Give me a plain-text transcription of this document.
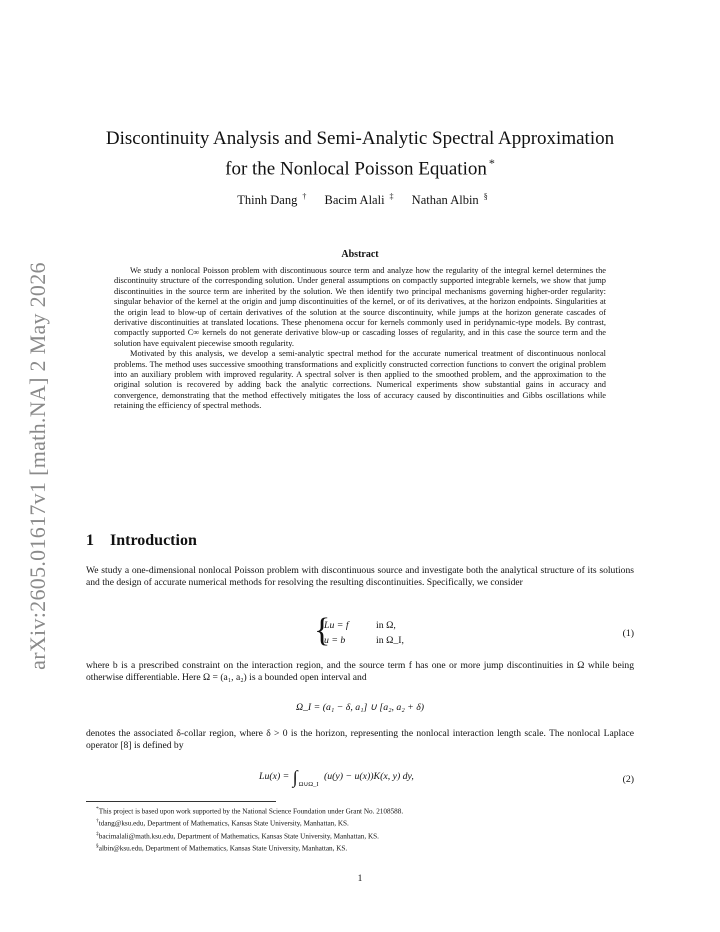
arXiv:2605.01617v1 [math.NA] 2 May 2026
Discontinuity Analysis and Semi-Analytic Spectral Approximation
for the Nonlocal Poisson Equation *
Thinh Dang † Bacim Alali ‡ Nathan Albin §
Abstract

We study a nonlocal Poisson problem with discontinuous source term and analyze how the regularity of the integral kernel determines the discontinuity structure of the corresponding solution. Under general assumptions on compactly supported integrable kernels, we show that jump discontinuities in the source term are inherited by the solution. We then identify two principal mechanisms governing higher-order regularity: singular behavior of the kernel at the origin and jump discontinuities of the kernel, or of its derivatives, at the horizon endpoints. Singularities at the origin lead to blow-up of certain derivatives of the solution at the source discontinuity, while jumps at the horizon generate cascades of derivative discontinuities at translated locations. These phenomena occur for kernels commonly used in peridynamic-type models. By contrast, compactly supported C∞ kernels do not generate derivative blow-up or cascading losses of regularity, and in this case the source term and the solution have equivalent piecewise smooth regularity.

Motivated by this analysis, we develop a semi-analytic spectral method for the accurate numerical treatment of discontinuous nonlocal problems. The method uses successive smoothing transformations and explicitly constructed correction functions to convert the original problem into an auxiliary problem with improved regularity. A spectral solver is then applied to the smoothed problem, and the approximation to the original solution is recovered by adding back the analytic corrections. Numerical experiments show substantial gains in accuracy and convergence, demonstrating that the method effectively mitigates the loss of accuracy caused by discontinuities and Gibbs oscillations while retaining the efficiency of spectral methods.

1 Introduction

We study a one-dimensional nonlocal Poisson problem with discontinuous source and investigate both the analytical structure of its solutions and the design of accurate numerical methods for resolving the resulting discontinuities. Specifically, we consider

{
Lu = f	in Ω,
u = b	in Ω_I,
(1)

where b is a prescribed constraint on the interaction region, and the source term f has one or more jump discontinuities in Ω while being otherwise differentiable. Here Ω = (a₁, a₂) is a bounded open interval and

Ω_I = (a₁ − δ, a₁] ∪ [a₂, a₂ + δ)

denotes the associated δ-collar region, where δ > 0 is the horizon, representing the nonlocal interaction length scale. The nonlocal Laplace operator [8] is defined by

$Lu(x) = \int_{\Omega\cup\Omega\_I}$ (u(y) − u(x))K(x, y) dy,	(2)
*This project is based upon work supported by the National Science Foundation under Grant No. 2108588.
†tdang@ksu.edu, Department of Mathematics, Kansas State University, Manhattan, KS.
‡bacimalali@math.ksu.edu, Department of Mathematics, Kansas State University, Manhattan, KS.
§albin@ksu.edu, Department of Mathematics, Kansas State University, Manhattan, KS.
1
